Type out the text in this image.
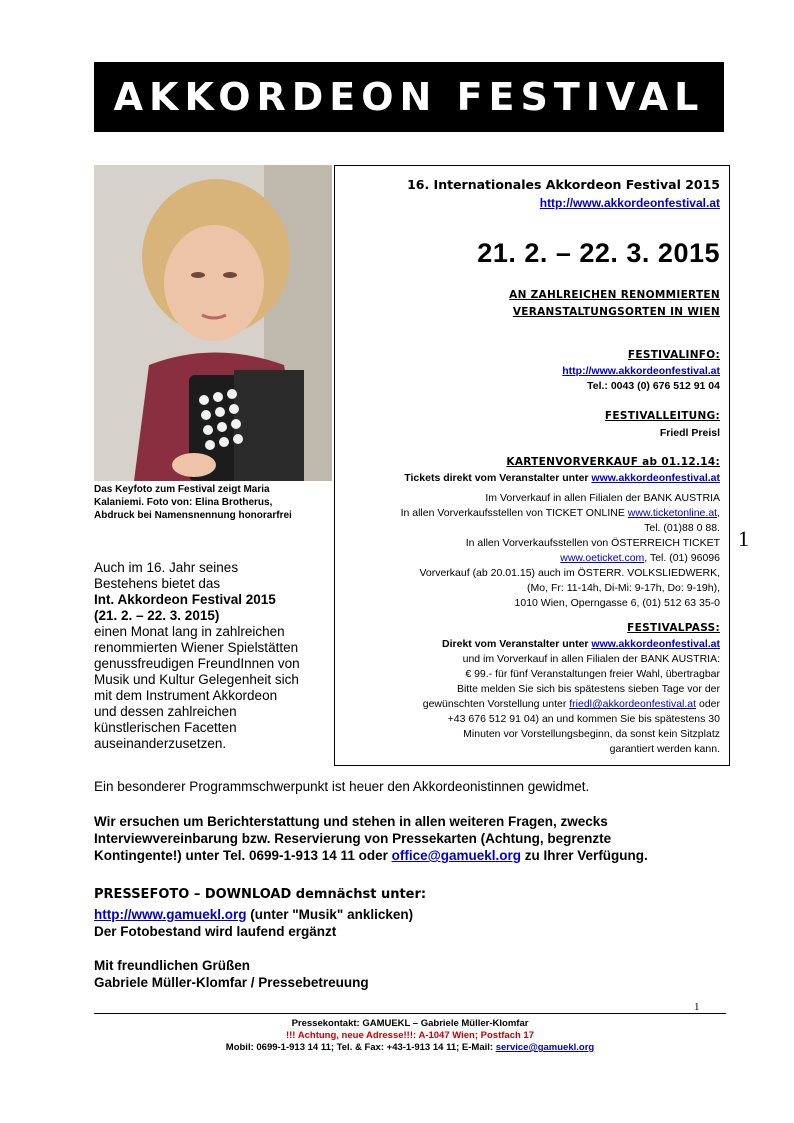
AKKORDEON FESTIVAL
Das Keyfoto zum Festival zeigt Maria
Kalaniemi. Foto von: Elina Brotherus,
Abdruck bei Namensnennung honorarfrei
16. Internationales Akkordeon Festival 2015
http://www.akkordeonfestival.at
21. 2. – 22. 3. 2015
AN ZAHLREICHEN RENOMMIERTEN
VERANSTALTUNGSORTEN IN WIEN
FESTIVALINFO:
http://www.akkordeonfestival.at
Tel.: 0043 (0) 676 512 91 04
FESTIVALLEITUNG:
Friedl Preisl
KARTENVORVERKAUF ab 01.12.14:
Tickets direkt vom Veranstalter unter www.akkordeonfestival.at
Im Vorverkauf in allen Filialen der BANK AUSTRIA
In allen Vorverkaufsstellen von TICKET ONLINE www.ticketonline.at,
Tel. (01)88 0 88.
In allen Vorverkaufsstellen von ÖSTERREICH TICKET
www.oeticket.com, Tel. (01) 96096
Vorverkauf (ab 20.01.15) auch im ÖSTERR. VOLKSLIEDWERK,
(Mo, Fr: 11-14h, Di-Mi: 9-17h, Do: 9-19h),
1010 Wien, Operngasse 6, (01) 512 63 35-0
FESTIVALPASS:
Direkt vom Veranstalter unter www.akkordeonfestival.at
und im Vorverkauf in allen Filialen der BANK AUSTRIA:
€ 99.- für fünf Veranstaltungen freier Wahl, übertragbar
Bitte melden Sie sich bis spätestens sieben Tage vor der
gewünschten Vorstellung unter friedl@akkordeonfestival.at oder
+43 676 512 91 04) an und kommen Sie bis spätestens 30
Minuten vor Vorstellungsbeginn, da sonst kein Sitzplatz
garantiert werden kann.
1
Auch im 16. Jahr seines
Bestehens bietet das
Int. Akkordeon Festival 2015
(21. 2. – 22. 3. 2015)
einen Monat lang in zahlreichen
renommierten Wiener Spielstätten
genussfreudigen FreundInnen von
Musik und Kultur Gelegenheit sich
mit dem Instrument Akkordeon
und dessen zahlreichen
künstlerischen Facetten
auseinanderzusetzen.
Ein besonderer Programmschwerpunkt ist heuer den Akkordeonistinnen gewidmet.
Wir ersuchen um Berichterstattung und stehen in allen weiteren Fragen, zwecks
Interviewvereinbarung bzw. Reservierung von Pressekarten (Achtung, begrenzte
Kontingente!) unter Tel. 0699-1-913 14 11 oder office@gamuekl.org zu Ihrer Verfügung.
PRESSEFOTO – DOWNLOAD demnächst unter:
http://www.gamuekl.org (unter "Musik" anklicken)
Der Fotobestand wird laufend ergänzt
Mit freundlichen Grüßen
Gabriele Müller-Klomfar / Pressebetreuung
1
Pressekontakt: GAMUEKL – Gabriele Müller-Klomfar
!!! Achtung, neue Adresse!!!: A-1047 Wien; Postfach 17
Mobil: 0699-1-913 14 11; Tel. & Fax: +43-1-913 14 11; E-Mail: service@gamuekl.org
